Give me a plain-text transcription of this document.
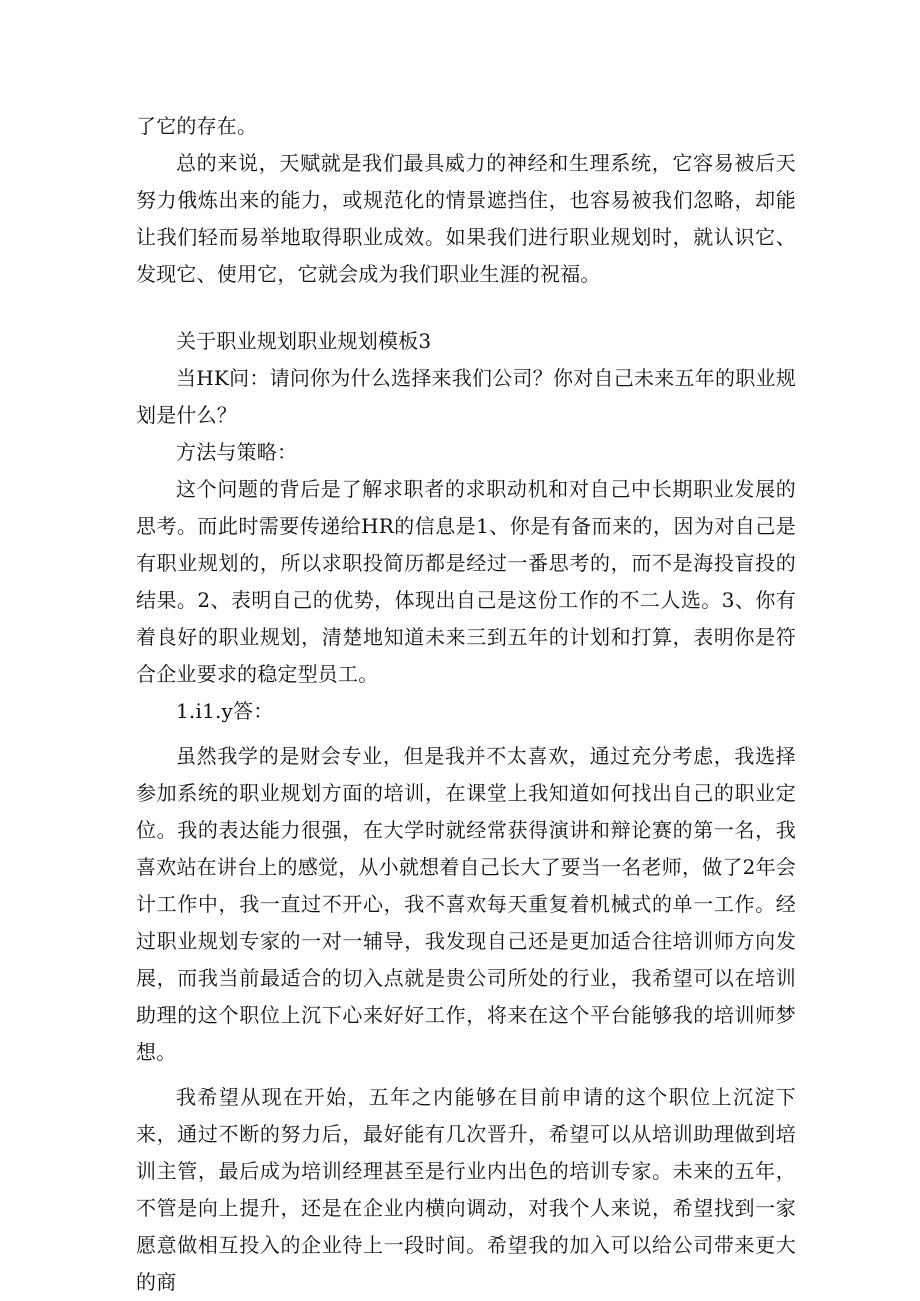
了它的存在。

总的来说，天赋就是我们最具威力的神经和生理系统，它容易被后天努力俄炼出来的能力，或规范化的情景遮挡住，也容易被我们忽略，却能让我们轻而易举地取得职业成效。如果我们进行职业规划时，就认识它、发现它、使用它，它就会成为我们职业生涯的祝福。

关于职业规划职业规划模板3

当HK问：请问你为什么选择来我们公司？你对自己未来五年的职业规划是什么？

方法与策略：

这个问题的背后是了解求职者的求职动机和对自己中长期职业发展的思考。而此时需要传递给HR的信息是1、你是有备而来的，因为对自己是有职业规划的，所以求职投简历都是经过一番思考的，而不是海投盲投的结果。2、表明自己的优势，体现出自己是这份工作的不二人选。3、你有着良好的职业规划，清楚地知道未来三到五年的计划和打算，表明你是符合企业要求的稳定型员工。

1.i1.y答：

虽然我学的是财会专业，但是我并不太喜欢，通过充分考虑，我选择参加系统的职业规划方面的培训，在课堂上我知道如何找出自己的职业定位。我的表达能力很强，在大学时就经常获得演讲和辩论赛的第一名，我喜欢站在讲台上的感觉，从小就想着自己长大了要当一名老师，做了2年会计工作中，我一直过不开心，我不喜欢每天重复着机械式的单一工作。经过职业规划专家的一对一辅导，我发现自己还是更加适合往培训师方向发展，而我当前最适合的切入点就是贵公司所处的行业，我希望可以在培训助理的这个职位上沉下心来好好工作，将来在这个平台能够我的培训师梦想。

我希望从现在开始，五年之内能够在目前申请的这个职位上沉淀下来，通过不断的努力后，最好能有几次晋升，希望可以从培训助理做到培训主管，最后成为培训经理甚至是行业内出色的培训专家。未来的五年，不管是向上提升，还是在企业内横向调动，对我个人来说，希望找到一家愿意做相互投入的企业待上一段时间。希望我的加入可以给公司带来更大的商
